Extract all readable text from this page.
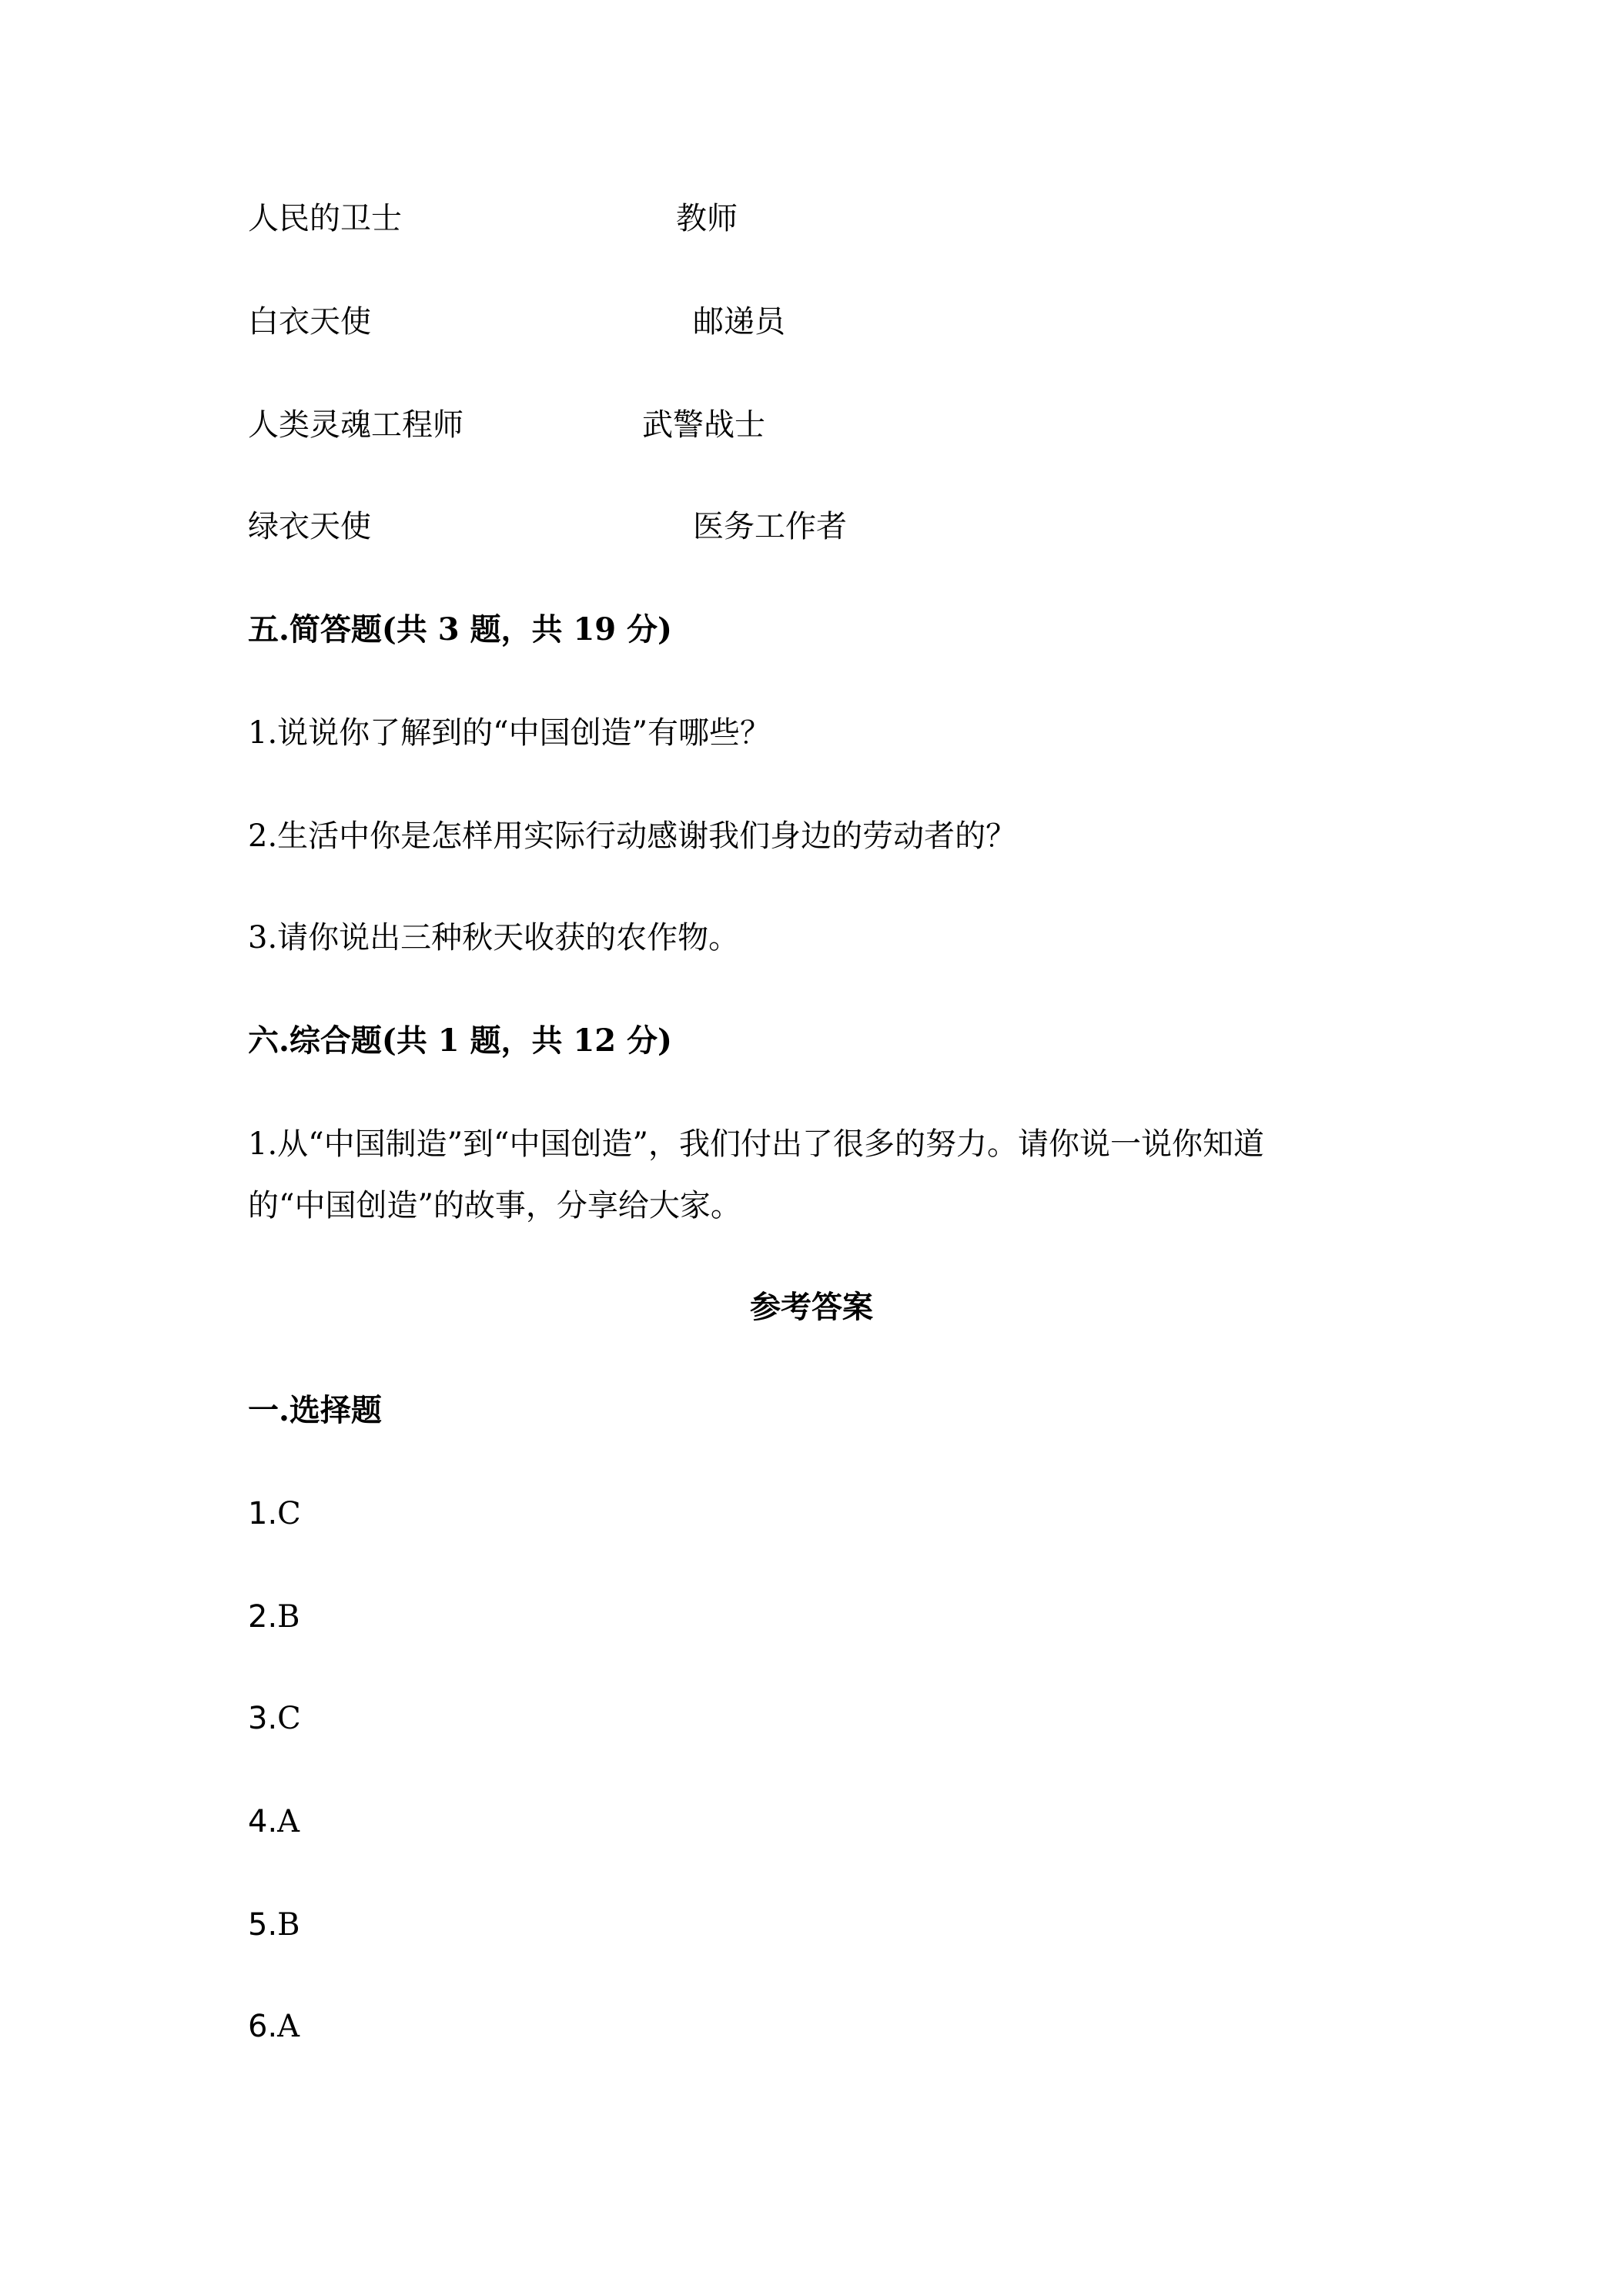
人民的卫士	教师
白衣天使	邮递员
人类灵魂工程师	武警战士
绿衣天使	医务工作者
五.简答题(共 3 题，共 19 分)
1.说说你了解到的“中国创造”有哪些？
2.生活中你是怎样用实际行动感谢我们身边的劳动者的？
3.请你说出三种秋天收获的农作物。
六.综合题(共 1 题，共 12 分)
1.从“中国制造”到“中国创造”，我们付出了很多的努力。请你说一说你知道
的“中国创造”的故事，分享给大家。
参考答案
一.选择题
1.C
2.B
3.C
4.A
5.B
6.A
